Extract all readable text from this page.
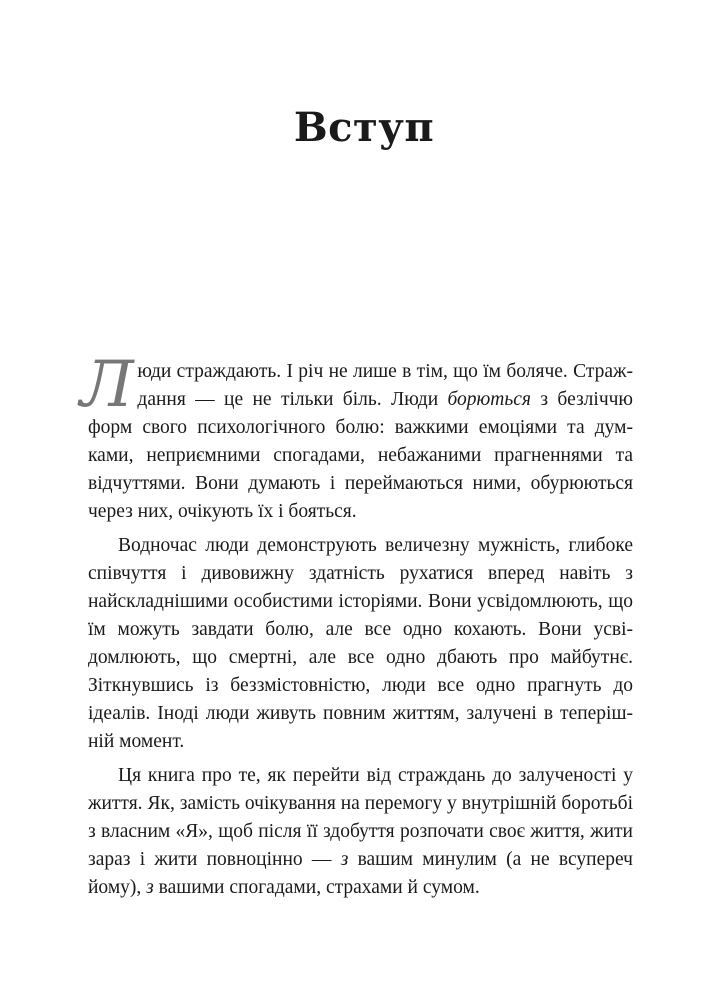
Вступ

Люди страждають. І річ не лише в тім, що їм боляче. Страждання — це не тільки біль. Люди борються з безліччю форм свого психологічного болю: важкими емоціями та думками, неприємними спогадами, небажаними прагненнями та відчуттями. Вони думають і переймаються ними, обурюються через них, очікують їх і бояться.

Водночас люди демонструють величезну мужність, глибоке співчуття і дивовижну здатність рухатися вперед навіть з найскладнішими особистими історіями. Вони усвідомлюють, що їм можуть завдати болю, але все одно кохають. Вони усвідомлюють, що смертні, але все одно дбають про майбутнє. Зіткнувшись із беззмістовністю, люди все одно прагнуть до ідеалів. Іноді люди живуть повним життям, залучені в теперішній момент.

Ця книга про те, як перейти від страждань до залученості у життя. Як, замість очікування на перемогу у внутрішній боротьбі з власним «Я», щоб після її здобуття розпочати своє життя, жити зараз і жити повноцінно — з вашим минулим (а не всупереч йому), з вашими спогадами, страхами й сумом.
